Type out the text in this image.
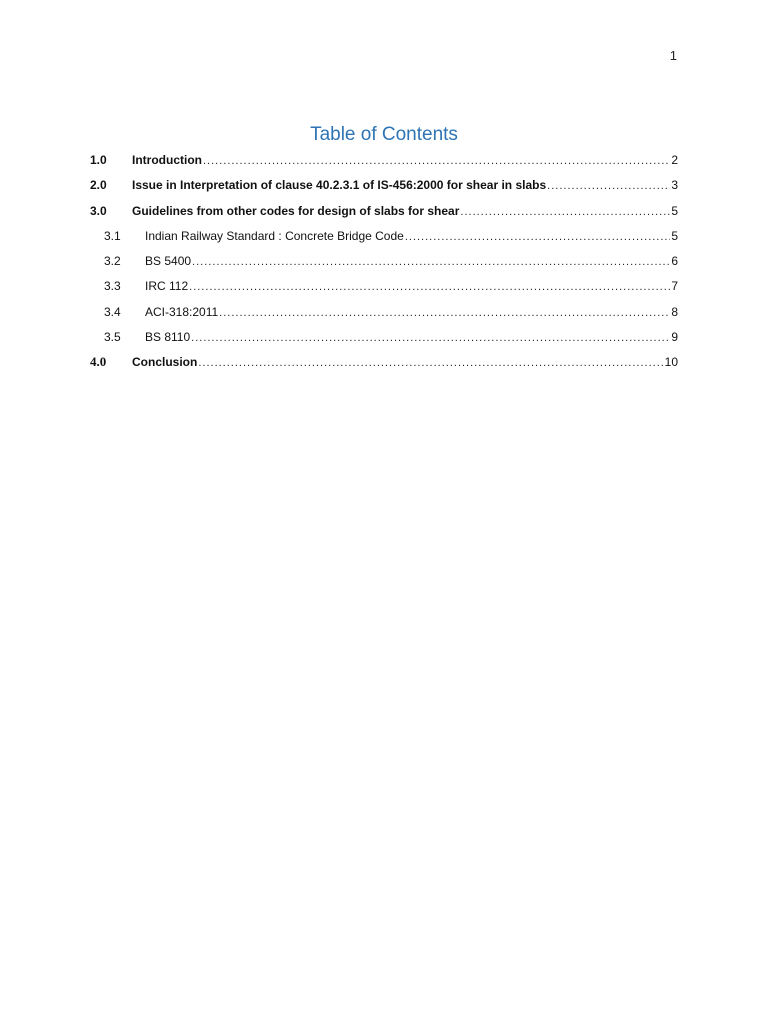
1
Table of Contents
1.0	Introduction .....	2
2.0	Issue in Interpretation of clause 40.2.3.1 of IS-456:2000 for shear in slabs .....	3
3.0	Guidelines from other codes for design of slabs for shear .....	5
3.1	Indian Railway Standard : Concrete Bridge Code .....	5
3.2	BS 5400 .....	6
3.3	IRC 112 .....	7
3.4	ACI-318:2011 .....	8
3.5	BS 8110 .....	9
4.0	Conclusion .....	10
